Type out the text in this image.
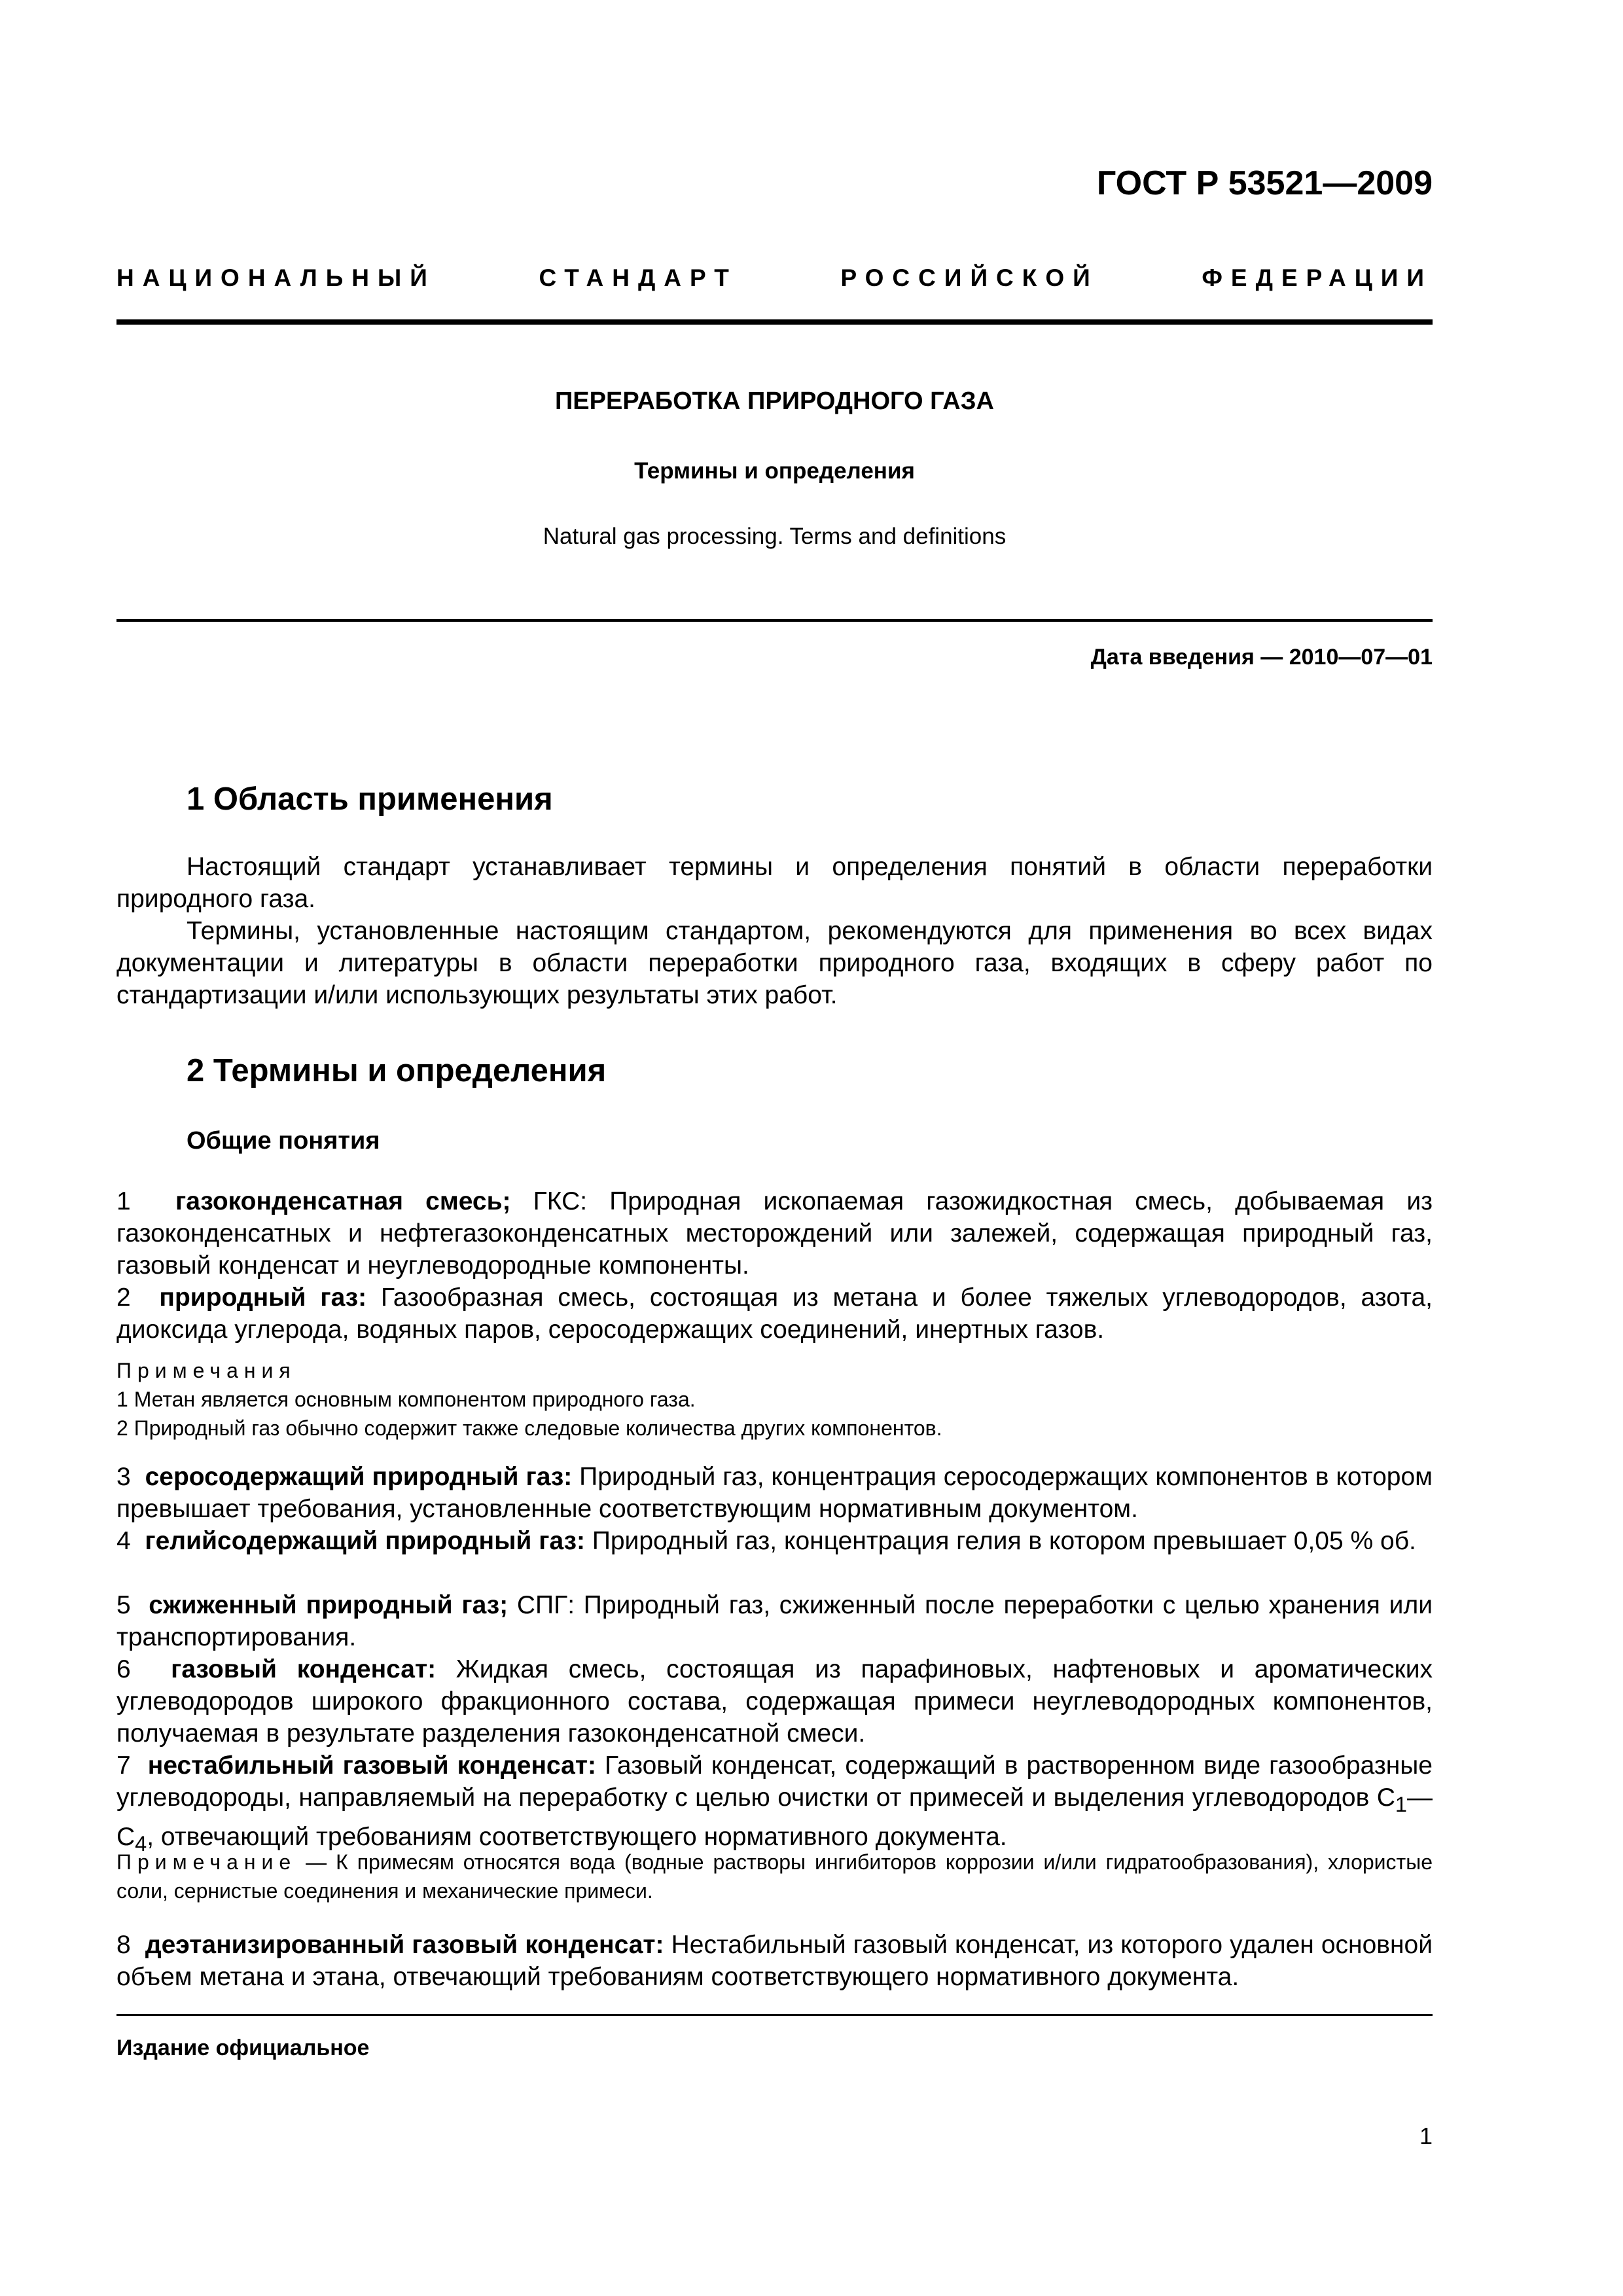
ГОСТ Р 53521—2009
НАЦИОНАЛЬНЫЙ	СТАНДАРТ	РОССИЙСКОЙ	ФЕДЕРАЦИИ
ПЕРЕРАБОТКА ПРИРОДНОГО ГАЗА
Термины и определения
Natural gas processing. Terms and definitions
Дата введения — 2010—07—01
1 Область применения
Настоящий стандарт устанавливает термины и определения понятий в области переработки природного газа.
Термины, установленные настоящим стандартом, рекомендуются для применения во всех видах документации и литературы в области переработки природного газа, входящих в сферу работ по стандартизации и/или использующих результаты этих работ.
2 Термины и определения
Общие понятия
1 газоконденсатная смесь; ГКС: Природная ископаемая газожидкостная смесь, добываемая из газоконденсатных и нефтегазоконденсатных месторождений или залежей, содержащая природный газ, газовый конденсат и неуглеводородные компоненты.
2 природный газ: Газообразная смесь, состоящая из метана и более тяжелых углеводородов, азота, диоксида углерода, водяных паров, серосодержащих соединений, инертных газов.
Примечания
1 Метан является основным компонентом природного газа.
2 Природный газ обычно содержит также следовые количества других компонентов.
3 серосодержащий природный газ: Природный газ, концентрация серосодержащих компонентов в котором превышает требования, установленные соответствующим нормативным документом.
4 гелийсодержащий природный газ: Природный газ, концентрация гелия в котором превышает 0,05 % об.
5 сжиженный природный газ; СПГ: Природный газ, сжиженный после переработки с целью хранения или транспортирования.
6 газовый конденсат: Жидкая смесь, состоящая из парафиновых, нафтеновых и ароматических углеводородов широкого фракционного состава, содержащая примеси неуглеводородных компонентов, получаемая в результате разделения газоконденсатной смеси.
7 нестабильный газовый конденсат: Газовый конденсат, содержащий в растворенном виде газообразные углеводороды, направляемый на переработку с целью очистки от примесей и выделения углеводородов $С_1—С_4$, отвечающий требованиям соответствующего нормативного документа.
Примечание — К примесям относятся вода (водные растворы ингибиторов коррозии и/или гидратообразования), хлористые соли, сернистые соединения и механические примеси.
8 деэтанизированный газовый конденсат: Нестабильный газовый конденсат, из которого удален основной объем метана и этана, отвечающий требованиям соответствующего нормативного документа.
Издание официальное
1
